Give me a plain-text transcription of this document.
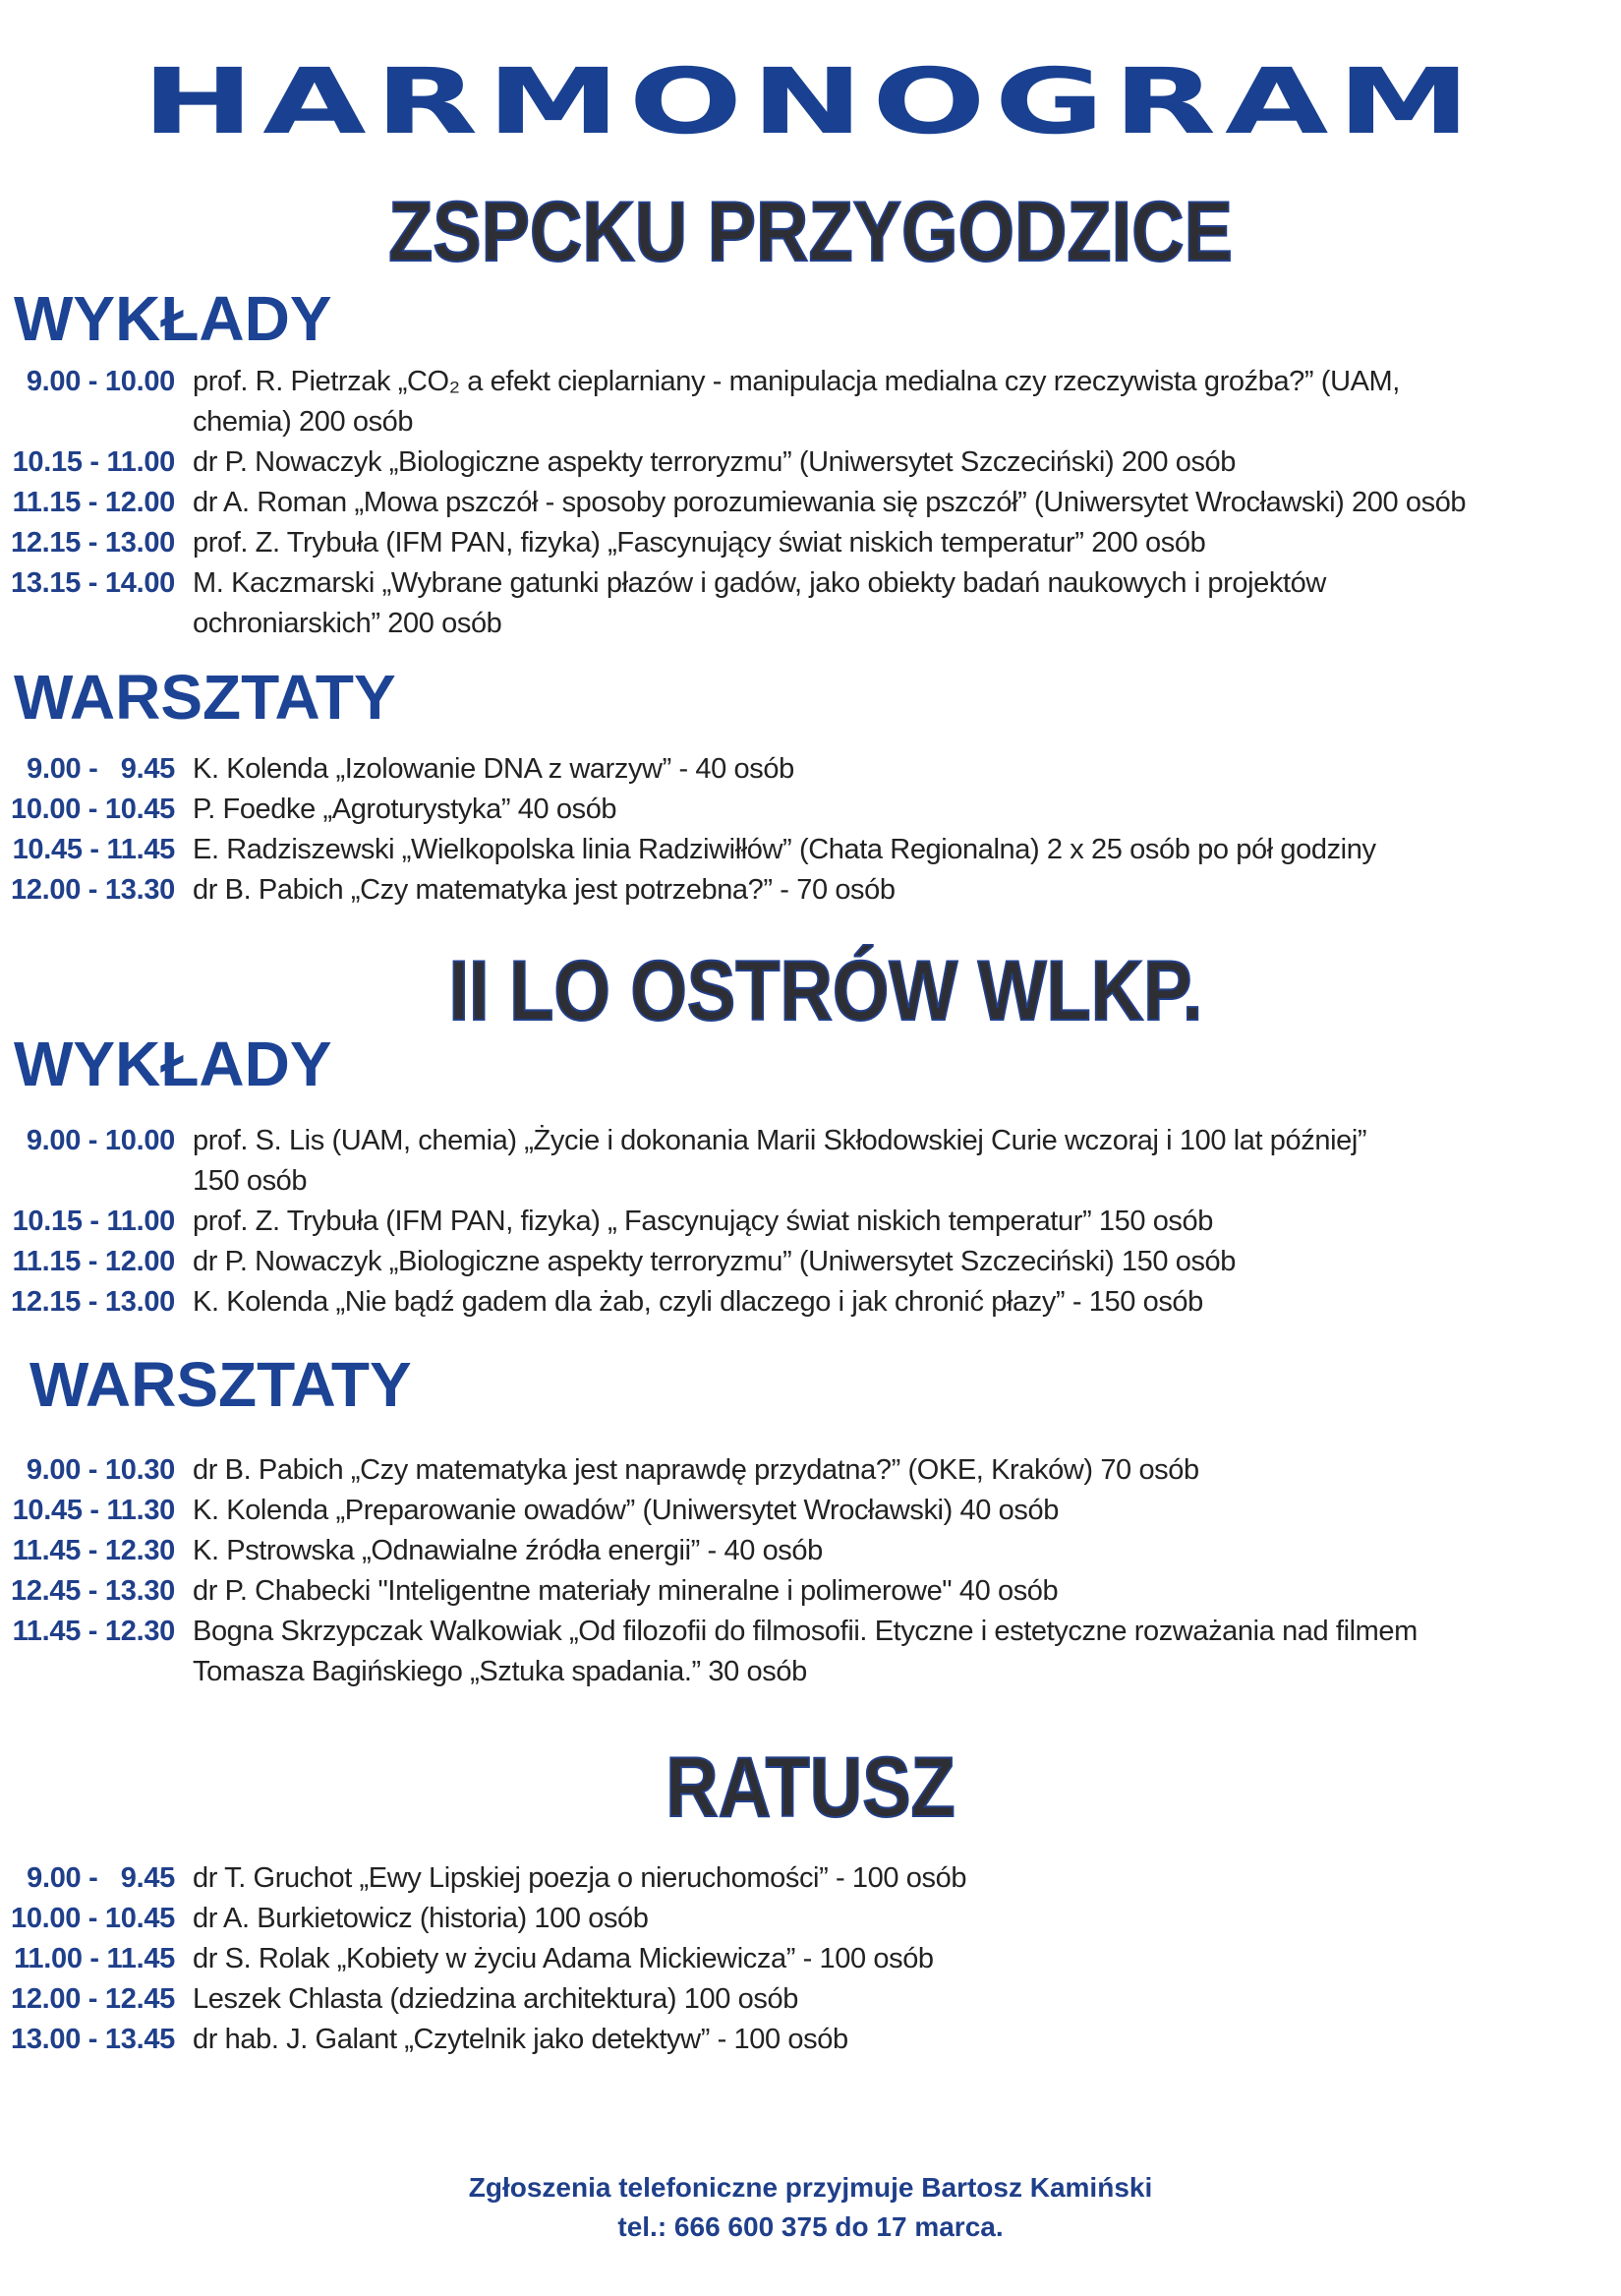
HARMONOGRAM
ZSPCKU PRZYGODZICE
WYKŁADY
9.00 - 10.00 prof. R. Pietrzak „CO₂ a efekt cieplarniany - manipulacja medialna czy rzeczywista groźba?” (UAM,
chemia) 200 osób
10.15 - 11.00 dr P. Nowaczyk „Biologiczne aspekty terroryzmu” (Uniwersytet Szczeciński) 200 osób
11.15 - 12.00 dr A. Roman „Mowa pszczół - sposoby porozumiewania się pszczół” (Uniwersytet Wrocławski) 200 osób
12.15 - 13.00 prof. Z. Trybuła (IFM PAN, fizyka) „Fascynujący świat niskich temperatur” 200 osób
13.15 - 14.00 M. Kaczmarski „Wybrane gatunki płazów i gadów, jako obiekty badań naukowych i projektów
ochroniarskich” 200 osób
WARSZTATY
9.00 -   9.45 K. Kolenda „Izolowanie DNA z warzyw” - 40 osób
10.00 - 10.45 P. Foedke „Agroturystyka” 40 osób
10.45 - 11.45 E. Radziszewski „Wielkopolska linia Radziwiłłów” (Chata Regionalna) 2 x 25 osób po pół godziny
12.00 - 13.30 dr B. Pabich „Czy matematyka jest potrzebna?” - 70 osób
II LO OSTRÓW WLKP.
WYKŁADY
9.00 - 10.00 prof. S. Lis (UAM, chemia) „Życie i dokonania Marii Skłodowskiej Curie wczoraj i 100 lat później”
150 osób
10.15 - 11.00 prof. Z. Trybuła (IFM PAN, fizyka) „ Fascynujący świat niskich temperatur” 150 osób
11.15 - 12.00 dr P. Nowaczyk „Biologiczne aspekty terroryzmu” (Uniwersytet Szczeciński) 150 osób
12.15 - 13.00 K. Kolenda „Nie bądź gadem dla żab, czyli dlaczego i jak chronić płazy” - 150 osób
WARSZTATY
9.00 - 10.30 dr B. Pabich „Czy matematyka jest naprawdę przydatna?” (OKE, Kraków) 70 osób
10.45 - 11.30 K. Kolenda „Preparowanie owadów” (Uniwersytet Wrocławski) 40 osób
11.45 - 12.30 K. Pstrowska „Odnawialne źródła energii” - 40 osób
12.45 - 13.30 dr P. Chabecki "Inteligentne materiały mineralne i polimerowe" 40 osób
11.45 - 12.30 Bogna Skrzypczak Walkowiak „Od filozofii do filmosofii. Etyczne i estetyczne rozważania nad filmem
Tomasza Bagińskiego „Sztuka spadania.” 30 osób
RATUSZ
9.00 -   9.45 dr T. Gruchot „Ewy Lipskiej poezja o nieruchomości” - 100 osób
10.00 - 10.45 dr A. Burkietowicz (historia) 100 osób
11.00 - 11.45 dr S. Rolak „Kobiety w życiu Adama Mickiewicza” - 100 osób
12.00 - 12.45 Leszek Chlasta (dziedzina architektura) 100 osób
13.00 - 13.45 dr hab. J. Galant „Czytelnik jako detektyw” - 100 osób
Zgłoszenia telefoniczne przyjmuje Bartosz Kamiński
tel.: 666 600 375 do 17 marca.
